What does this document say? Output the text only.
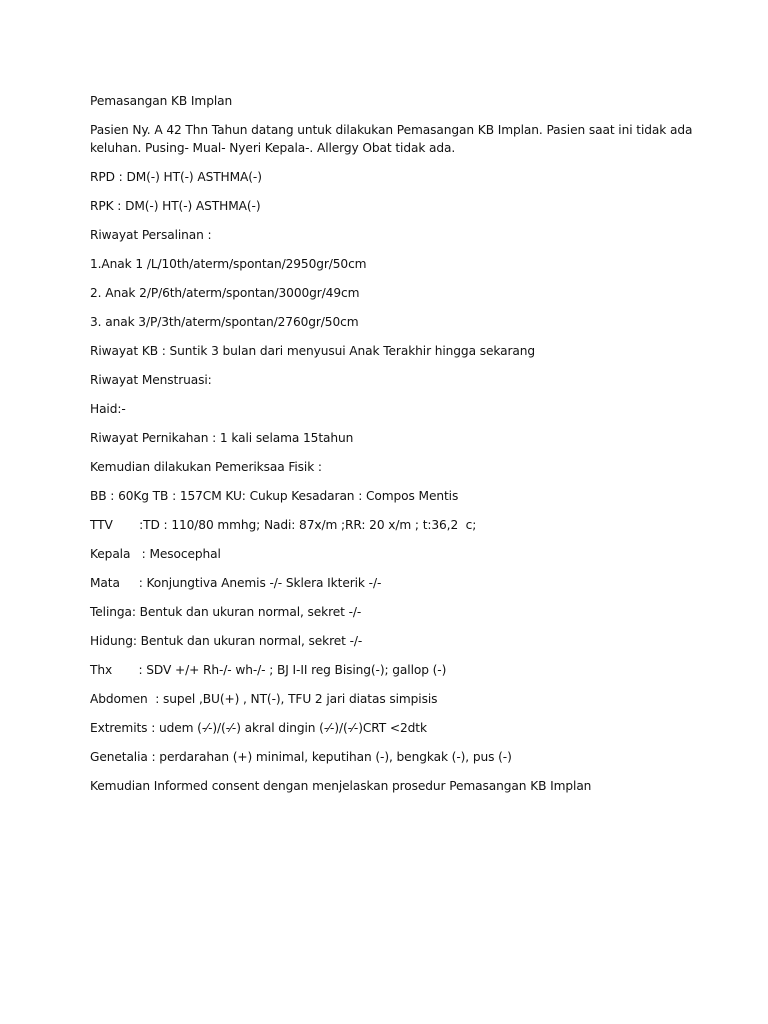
Pemasangan KB Implan

Pasien Ny. A 42 Thn Tahun datang untuk dilakukan Pemasangan KB Implan. Pasien saat ini tidak ada

keluhan. Pusing- Mual- Nyeri Kepala-. Allergy Obat tidak ada.

RPD : DM(-) HT(-) ASTHMA(-)

RPK : DM(-) HT(-) ASTHMA(-)

Riwayat Persalinan :

1.Anak 1 /L/10th/aterm/spontan/2950gr/50cm

2. Anak 2/P/6th/aterm/spontan/3000gr/49cm

3. anak 3/P/3th/aterm/spontan/2760gr/50cm

Riwayat KB : Suntik 3 bulan dari menyusui Anak Terakhir hingga sekarang

Riwayat Menstruasi:

Haid:-

Riwayat Pernikahan : 1 kali selama 15tahun

Kemudian dilakukan Pemeriksaa Fisik :

BB : 60Kg TB : 157CM KU: Cukup Kesadaran : Compos Mentis

TTV       :TD : 110/80 mmhg; Nadi: 87x/m ;RR: 20 x/m ; t:36,2  c;

Kepala   : Mesocephal

Mata     : Konjungtiva Anemis -/- Sklera Ikterik -/-

Telinga: Bentuk dan ukuran normal, sekret -/-

Hidung: Bentuk dan ukuran normal, sekret -/-

Thx       : SDV +/+ Rh-/- wh-/- ; BJ I-II reg Bising(-); gallop (-)

Abdomen  : supel ,BU(+) , NT(-), TFU 2 jari diatas simpisis

Extremits : udem (-⁄-)/(-⁄-) akral dingin (-⁄-)/(-⁄-)CRT <2dtk

Genetalia : perdarahan (+) minimal, keputihan (-), bengkak (-), pus (-)

Kemudian Informed consent dengan menjelaskan prosedur Pemasangan KB Implan
